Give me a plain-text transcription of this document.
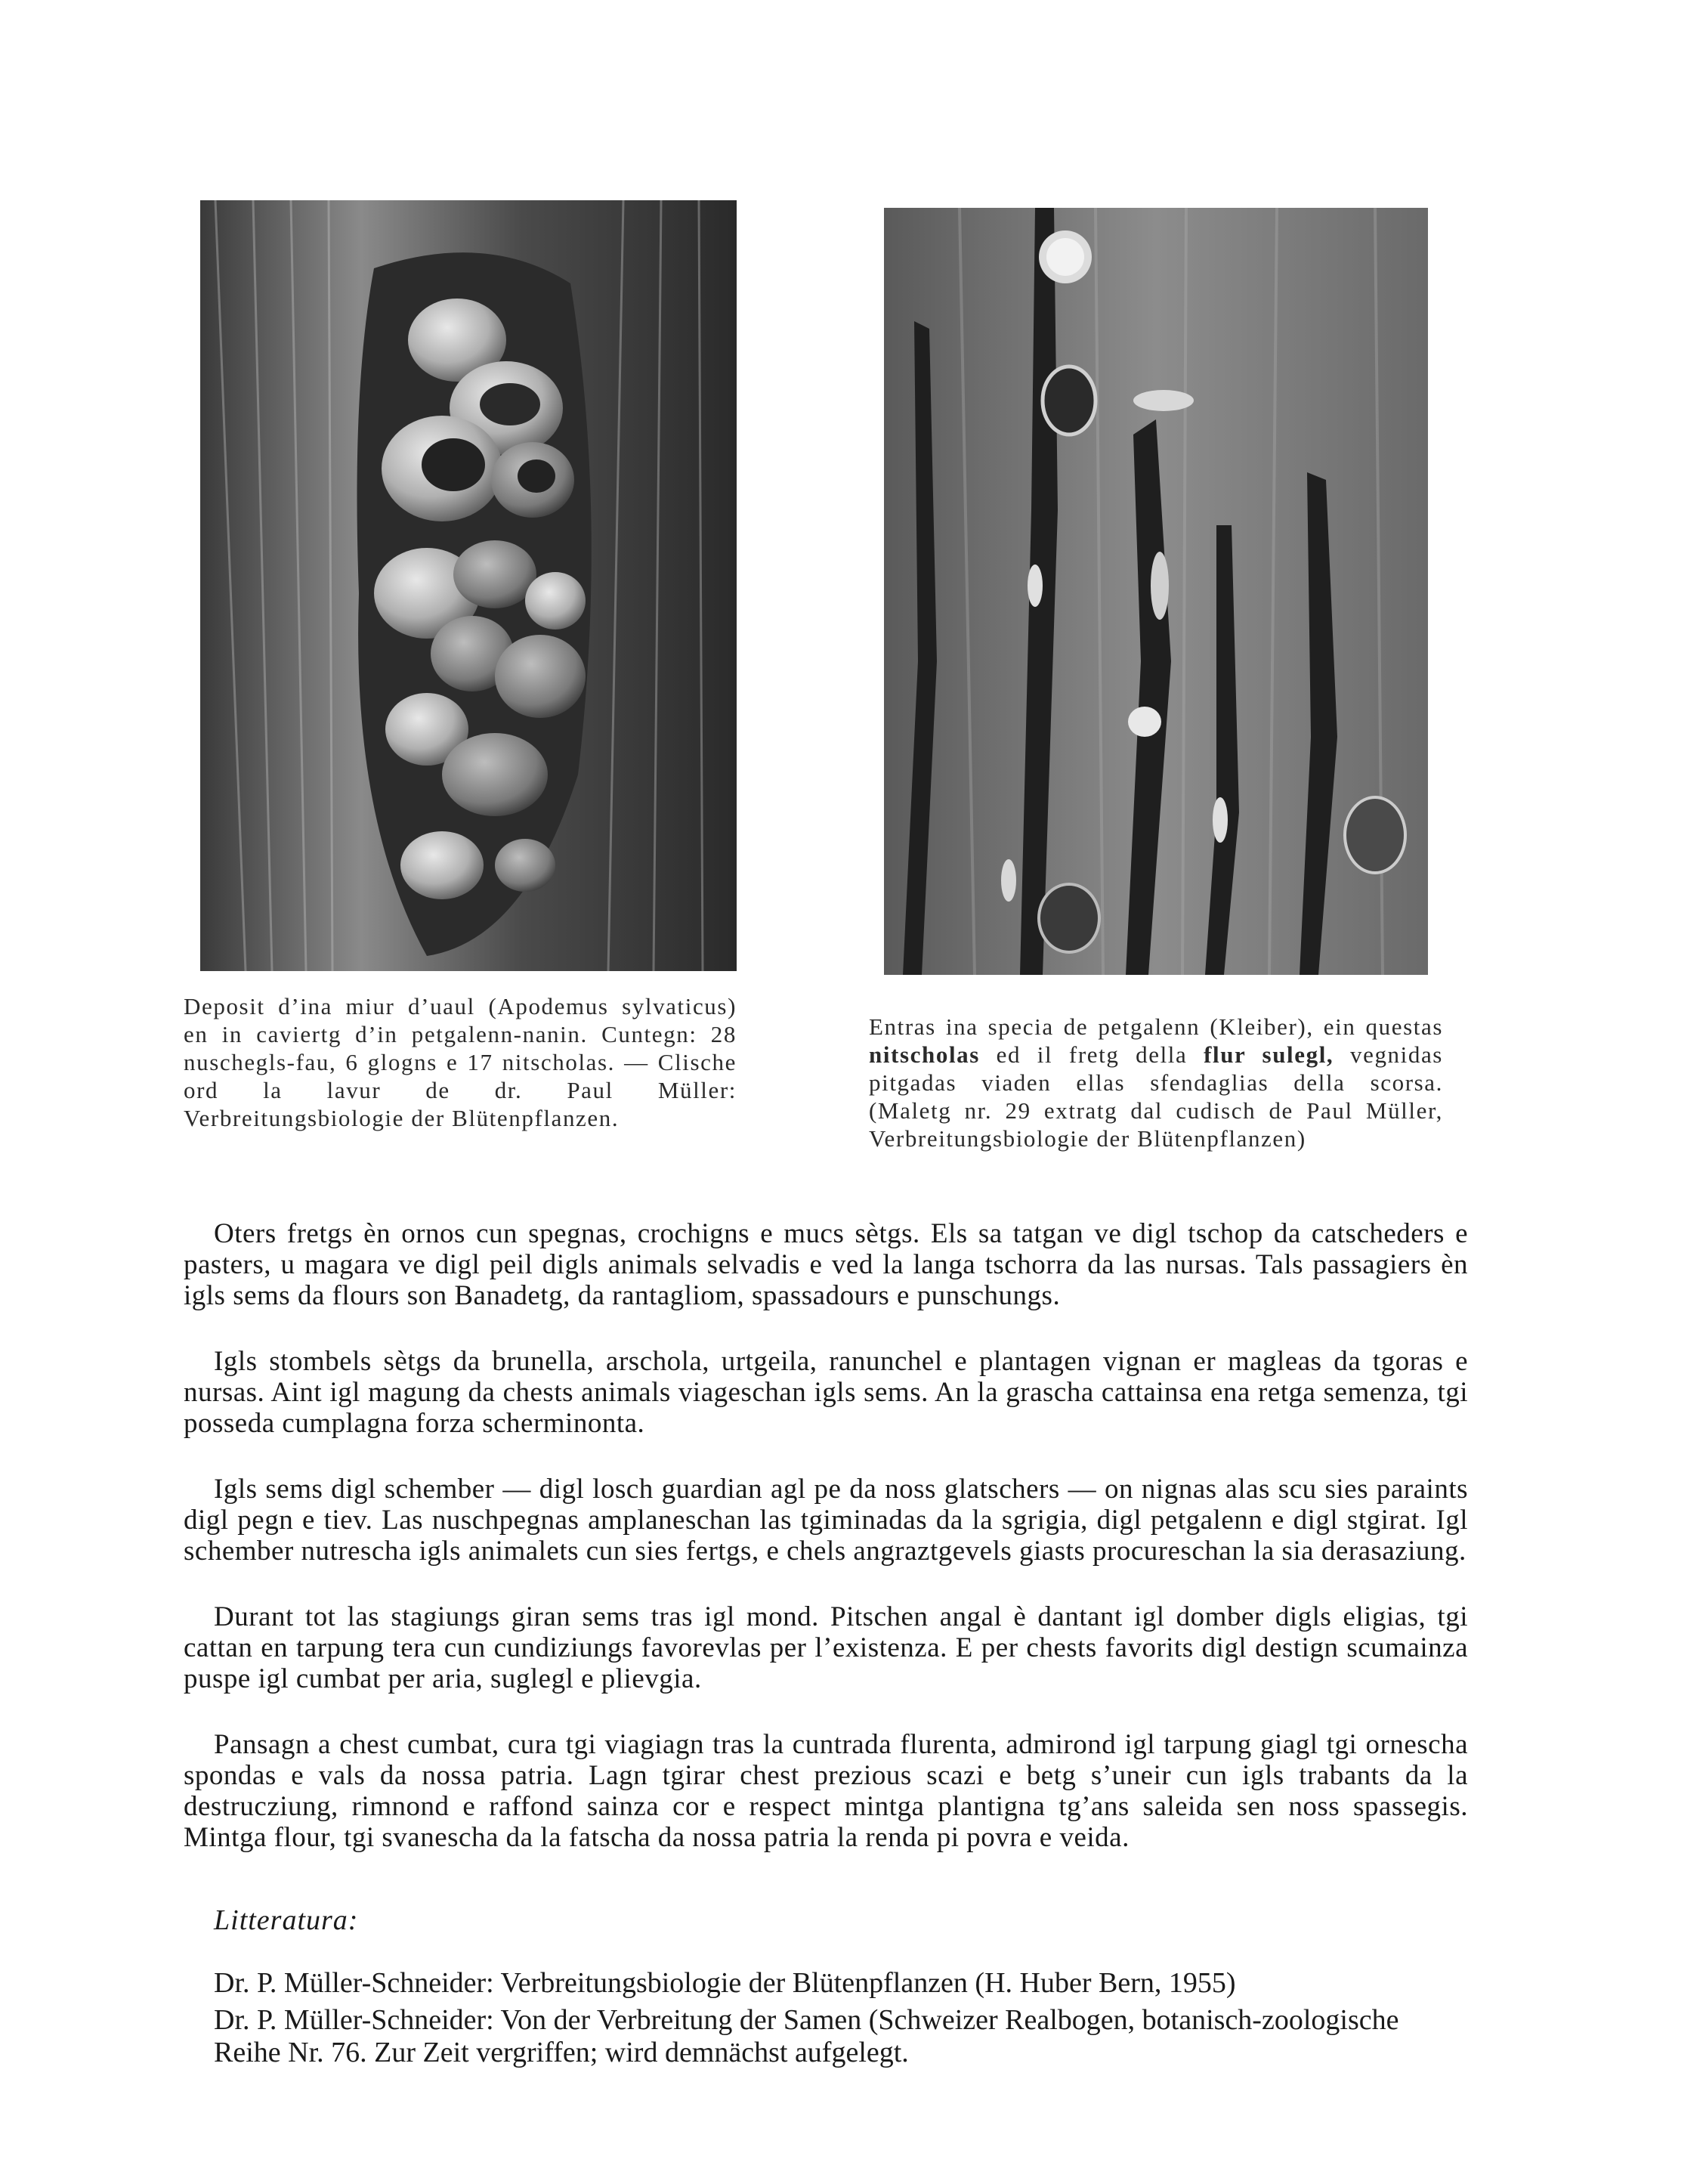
Deposit d’ina miur d’uaul (Apodemus sylvaticus) en in caviertg d’in petgalenn-nanin. Cuntegn: 28 nuschegls-fau, 6 glogns e 17 nitscholas. — Clische ord la lavur de dr. Paul Müller: Verbreitungsbiologie der Blütenpflanzen.
Entras ina specia de petgalenn (Kleiber), ein questas nitscholas ed il fretg della flur sulegl, vegnidas pitgadas viaden ellas sfendaglias della scorsa. (Maletg nr. 29 extratg dal cudisch de Paul Müller, Verbreitungsbiologie der Blütenpflanzen)

Oters fretgs èn ornos cun spegnas, crochigns e mucs sètgs. Els sa tatgan ve digl tschop da catscheders e pasters, u magara ve digl peil digls animals selvadis e ved la langa tschorra da las nursas. Tals passagiers èn igls sems da flours son Banadetg, da rantagliom, spassadours e punschungs.

Igls stombels sètgs da brunella, arschola, urtgeila, ranunchel e plantagen vignan er magleas da tgoras e nursas. Aint igl magung da chests animals viageschan igls sems. An la grascha cattainsa ena retga semenza, tgi posseda cumplagna forza scherminonta.

Igls sems digl schember — digl losch guardian agl pe da noss glatschers — on nignas alas scu sies paraints digl pegn e tiev. Las nuschpegnas amplaneschan las tgiminadas da la sgrigia, digl petgalenn e digl stgirat. Igl schember nutrescha igls animalets cun sies fertgs, e chels angraztgevels giasts procureschan la sia derasaziung.

Durant tot las stagiungs giran sems tras igl mond. Pitschen angal è dantant igl domber digls eligias, tgi cattan en tarpung tera cun cundiziungs favorevlas per l’existenza. E per chests favorits digl destign scumainza puspe igl cumbat per aria, suglegl e plievgia.

Pansagn a chest cumbat, cura tgi viagiagn tras la cuntrada flurenta, admirond igl tarpung giagl tgi ornescha spondas e vals da nossa patria. Lagn tgirar chest prezious scazi e betg s’uneir cun igls trabants da la destrucziung, rimnond e raffond sainza cor e respect mintga plantigna tg’ans saleida sen noss spassegis. Mintga flour, tgi svanescha da la fatscha da nossa patria la renda pi povra e veida.

Litteratura:
Dr. P. Müller-Schneider: Verbreitungsbiologie der Blütenpflanzen (H. Huber Bern, 1955)
Dr. P. Müller-Schneider: Von der Verbreitung der Samen (Schweizer Realbogen, botanisch-zoologische Reihe Nr. 76. Zur Zeit vergriffen; wird demnächst aufgelegt.
